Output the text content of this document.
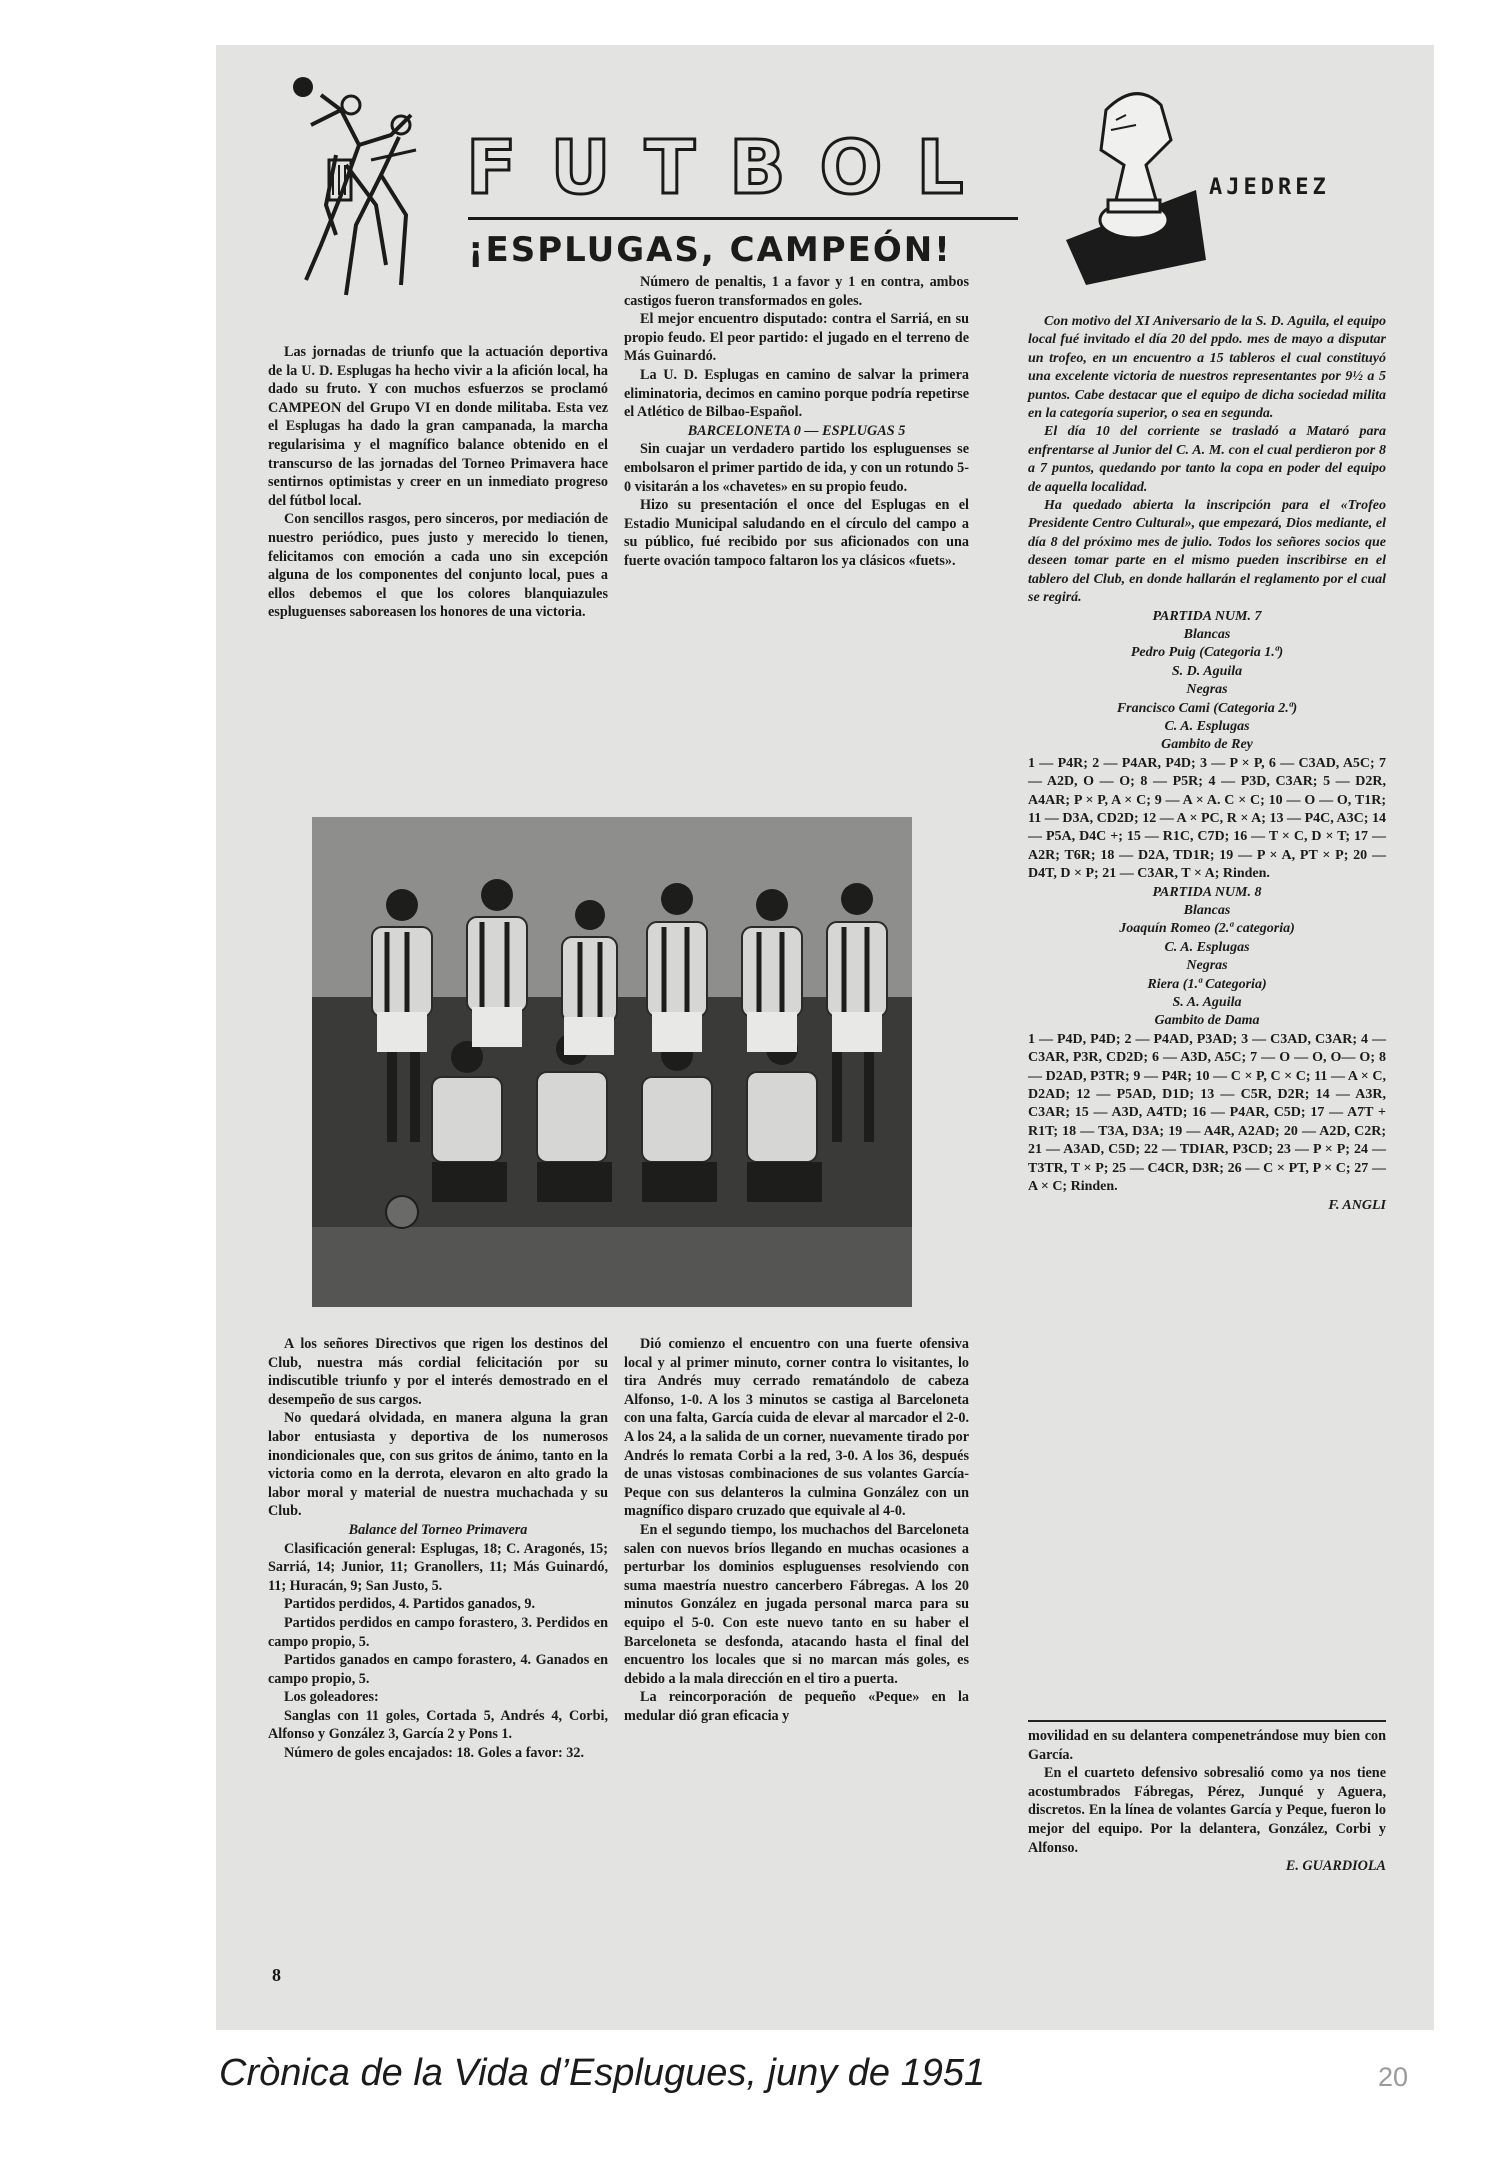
FUTBOL
¡ESPLUGAS, CAMPEÓN!
AJEDREZ

Las jornadas de triunfo que la actuación deportiva de la U. D. Esplugas ha hecho vivir a la afición local, ha dado su fruto. Y con muchos esfuerzos se proclamó CAMPEON del Grupo VI en donde militaba. Esta vez el Esplugas ha dado la gran campanada, la marcha regularisima y el magnífico balance obtenido en el transcurso de las jornadas del Torneo Primavera hace sentirnos optimistas y creer en un inmediato progreso del fútbol local.

Con sencillos rasgos, pero sinceros, por mediación de nuestro periódico, pues justo y merecido lo tienen, felicitamos con emoción a cada uno sin excepción alguna de los componentes del conjunto local, pues a ellos debemos el que los colores blanquiazules espluguenses saboreasen los honores de una victoria.

Número de penaltis, 1 a favor y 1 en contra, ambos castigos fueron transformados en goles.

El mejor encuentro disputado: contra el Sarriá, en su propio feudo. El peor partido: el jugado en el terreno de Más Guinardó.

La U. D. Esplugas en camino de salvar la primera eliminatoria, decimos en camino porque podría repetirse el Atlético de Bilbao-Español.

BARCELONETA 0 — ESPLUGAS 5

Sin cuajar un verdadero partido los espluguenses se embolsaron el primer partido de ida, y con un rotundo 5-0 visitarán a los «chavetes» en su propio feudo.

Hizo su presentación el once del Esplugas en el Estadio Municipal saludando en el círculo del campo a su público, fué recibido por sus aficionados con una fuerte ovación tampoco faltaron los ya clásicos «fuets».

A los señores Directivos que rigen los destinos del Club, nuestra más cordial felicitación por su indiscutible triunfo y por el interés demostrado en el desempeño de sus cargos.

No quedará olvidada, en manera alguna la gran labor entusiasta y deportiva de los numerosos inondicionales que, con sus gritos de ánimo, tanto en la victoria como en la derrota, elevaron en alto grado la labor moral y material de nuestra muchachada y su Club.

Balance del Torneo Primavera

Clasificación general: Esplugas, 18; C. Aragonés, 15; Sarriá, 14; Junior, 11; Granollers, 11; Más Guinardó, 11; Huracán, 9; San Justo, 5.

Partidos perdidos, 4. Partidos ganados, 9.

Partidos perdidos en campo forastero, 3. Perdidos en campo propio, 5.

Partidos ganados en campo forastero, 4. Ganados en campo propio, 5.

Los goleadores:

Sanglas con 11 goles, Cortada 5, Andrés 4, Corbi, Alfonso y González 3, García 2 y Pons 1.

Número de goles encajados: 18. Goles a favor: 32.

Dió comienzo el encuentro con una fuerte ofensiva local y al primer minuto, corner contra lo visitantes, lo tira Andrés muy cerrado rematándolo de cabeza Alfonso, 1-0. A los 3 minutos se castiga al Barceloneta con una falta, García cuida de elevar al marcador el 2-0. A los 24, a la salida de un corner, nuevamente tirado por Andrés lo remata Corbi a la red, 3-0. A los 36, después de unas vistosas combinaciones de sus volantes García-Peque con sus delanteros la culmina González con un magnífico disparo cruzado que equivale al 4-0.

En el segundo tiempo, los muchachos del Barceloneta salen con nuevos bríos llegando en muchas ocasiones a perturbar los dominios espluguenses resolviendo con suma maestría nuestro cancerbero Fábregas. A los 20 minutos González en jugada personal marca para su equipo el 5-0. Con este nuevo tanto en su haber el Barceloneta se desfonda, atacando hasta el final del encuentro los locales que si no marcan más goles, es debido a la mala dirección en el tiro a puerta.

La reincorporación de pequeño «Peque» en la medular dió gran eficacia y

Con motivo del XI Aniversario de la S. D. Aguila, el equipo local fué invitado el día 20 del ppdo. mes de mayo a disputar un trofeo, en un encuentro a 15 tableros el cual constituyó una excelente victoria de nuestros representantes por 9½ a 5 puntos. Cabe destacar que el equipo de dicha sociedad milita en la categoría superior, o sea en segunda.

El día 10 del corriente se trasladó a Mataró para enfrentarse al Junior del C. A. M. con el cual perdieron por 8 a 7 puntos, quedando por tanto la copa en poder del equipo de aquella localidad.

Ha quedado abierta la inscripción para el «Trofeo Presidente Centro Cultural», que empezará, Dios mediante, el día 8 del próximo mes de julio. Todos los señores socios que deseen tomar parte en el mismo pueden inscribirse en el tablero del Club, en donde hallarán el reglamento por el cual se regirá.

PARTIDA NUM. 7

Blancas

Pedro Puig (Categoria 1.ª)

S. D. Aguila

Negras

Francisco Cami (Categoria 2.ª)

C. A. Esplugas

Gambito de Rey

1 — P4R; 2 — P4AR, P4D; 3 — P × P, 6 — C3AD, A5C; 7 — A2D, O — O; 8 — P5R; 4 — P3D, C3AR; 5 — D2R, A4AR; P × P, A × C; 9 — A × A. C × C; 10 — O — O, T1R; 11 — D3A, CD2D; 12 — A × PC, R × A; 13 — P4C, A3C; 14 — P5A, D4C +; 15 — R1C, C7D; 16 — T × C, D × T; 17 — A2R; T6R; 18 — D2A, TD1R; 19 — P × A, PT × P; 20 — D4T, D × P; 21 — C3AR, T × A; Rinden.

PARTIDA NUM. 8

Blancas

Joaquín Romeo (2.ª categoria)

C. A. Esplugas

Negras

Riera (1.ª Categoria)

S. A. Aguila

Gambito de Dama

1 — P4D, P4D; 2 — P4AD, P3AD; 3 — C3AD, C3AR; 4 — C3AR, P3R, CD2D; 6 — A3D, A5C; 7 — O — O, O— O; 8 — D2AD, P3TR; 9 — P4R; 10 — C × P, C × C; 11 — A × C, D2AD; 12 — P5AD, D1D; 13 — C5R, D2R; 14 — A3R, C3AR; 15 — A3D, A4TD; 16 — P4AR, C5D; 17 — A7T + R1T; 18 — T3A, D3A; 19 — A4R, A2AD; 20 — A2D, C2R; 21 — A3AD, C5D; 22 — TDIAR, P3CD; 23 — P × P; 24 — T3TR, T × P; 25 — C4CR, D3R; 26 — C × PT, P × C; 27 — A × C; Rinden.

F. ANGLI

movilidad en su delantera compenetrándose muy bien con García.

En el cuarteto defensivo sobresalió como ya nos tiene acostumbrados Fábregas, Pérez, Junqué y Aguera, discretos. En la línea de volantes García y Peque, fueron lo mejor del equipo. Por la delantera, González, Corbi y Alfonso.

E. GUARDIOLA

8
Crònica de la Vida d’Esplugues, juny de 1951	20
